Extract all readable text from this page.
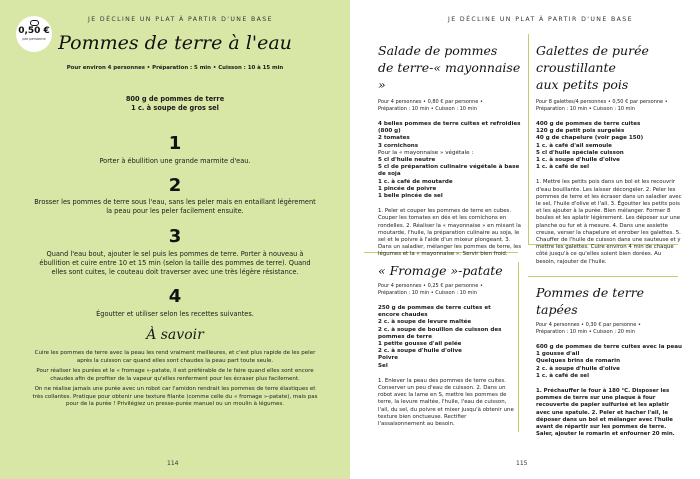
JE DÉCLINE UN PLAT À PARTIR D'UNE BASE
0,50 €
par personne Pommes de terre à l'eau
Pour environ 4 personnes • Préparation : 5 min • Cuisson : 10 à 15 min
800 g de pommes de terre
1 c. à soupe de gros sel
1
Porter à ébullition une grande marmite d'eau.
2
Brosser les pommes de terre sous l'eau, sans les peler mais en entaillant légèrement la peau pour les peler facilement ensuite.
3
Quand l'eau bout, ajouter le sel puis les pommes de terre. Porter à nouveau à ébullition et cuire entre 10 et 15 min (selon la taille des pommes de terre). Quand elles sont cuites, le couteau doit traverser avec une très légère résistance.
4
Égoutter et utiliser selon les recettes suivantes.
À savoir
Cuire les pommes de terre avec la peau les rend vraiment meilleures, et c'est plus rapide de les peler après la cuisson car quand elles sont chaudes la peau part toute seule.
Pour réaliser les purées et le « fromage »-patate, il est préférable de le faire quand elles sont encore chaudes afin de profiter de la vapeur qu'elles renferment pour les écraser plus facilement.
On ne réalise jamais une purée avec un robot car l'amidon rendrait les pommes de terre élastiques et très collantes. Pratique pour obtenir une texture filante (comme celle du « fromage »-patate), mais pas pour de la purée ! Privilégiez un presse-purée manuel ou un moulin à légumes.
114
JE DÉCLINE UN PLAT À PARTIR D'UNE BASE
Salade de pommes
de terre-« mayonnaise »
Pour 4 personnes • 0,80 € par personne •
Préparation : 10 min • Cuisson : 10 min
4 belles pommes de terre cuites et refroidies (800 g)
2 tomates
3 cornichons
Pour la « mayonnaise » végétale :
5 cl d'huile neutre
5 cl de préparation culinaire végétale à base de soja
1 c. à café de moutarde
1 pincée de poivre
1 belle pincée de sel
1. Peler et couper les pommes de terre en cubes. Couper les tomates en dés et les cornichons en rondelles. 2. Réaliser la « mayonnaise » en mixant la moutarde, l'huile, la préparation culinaire au soja, le sel et le poivre à l'aide d'un mixeur plongeant. 3. Dans un saladier, mélanger les pommes de terre, les légumes et la « mayonnaise ». Servir bien froid.
Galettes de purée
croustillante
aux petits pois
Pour 8 galettes/4 personnes • 0,50 € par personne •
Préparation : 10 min • Cuisson : 10 min
400 g de pommes de terre cuites
120 g de petit pois surgelés
40 g de chapelure (voir page 150)
1 c. à café d'ail semoule
5 cl d'huile spéciale cuisson
1 c. à soupe d'huile d'olive
1 c. à café de sel
1. Mettre les petits pois dans un bol et les recouvrir d'eau bouillante. Les laisser décongeler. 2. Peler les pommes de terre et les écraser dans un saladier avec le sel, l'huile d'olive et l'ail. 3. Égoutter les petits pois et les ajouter à la purée. Bien mélanger. Former 8 boules et les aplatir légèrement. Les déposer sur une planche ou fur et à mesure. 4. Dans une assiette creuse, verser la chapelure et enrober les galettes. 5. Chauffer de l'huile de cuisson dans une sauteuse et y mettre les galettes. Cuire environ 4 min de chaque côté jusqu'à ce qu'elles soient bien dorées. Au besoin, rajouter de l'huile.
« Fromage »-patate
Pour 4 personnes • 0,25 € par personne •
Préparation : 10 min • Cuisson : 10 min
250 g de pommes de terre cuites et encore chaudes
2 c. à soupe de levure maltée
2 c. à soupe de bouillon de cuisson des pommes de terre
1 petite gousse d'ail pelée
2 c. à soupe d'huile d'olive
Poivre
Sel
1. Enlever la peau des pommes de terre cuites. Conserver un peu d'eau de cuisson. 2. Dans un robot avec la lame en S, mettre les pommes de terre, la levure maltée, l'huile, l'eau de cuisson, l'ail, du sel, du poivre et mixer jusqu'à obtenir une texture bien onctueuse. Rectifier l'assaisonnement au besoin.
Pommes de terre tapées
Pour 4 personnes • 0,30 € par personne •
Préparation : 10 min • Cuisson : 20 min
600 g de pommes de terre cuites avec la peau
1 gousse d'ail
Quelques brins de romarin
2 c. à soupe d'huile d'olive
1 c. à café de sel
1. Préchauffer le four à 180 °C. Disposer les pommes de terre sur une plaque à four recouverte de papier sulfurisé et les aplatir avec une spatule. 2. Peler et hacher l'ail, le déposer dans un bol et mélanger avec l'huile avant de répartir sur les pommes de terre. Saler, ajouter le romarin et enfourner 20 min.
115
